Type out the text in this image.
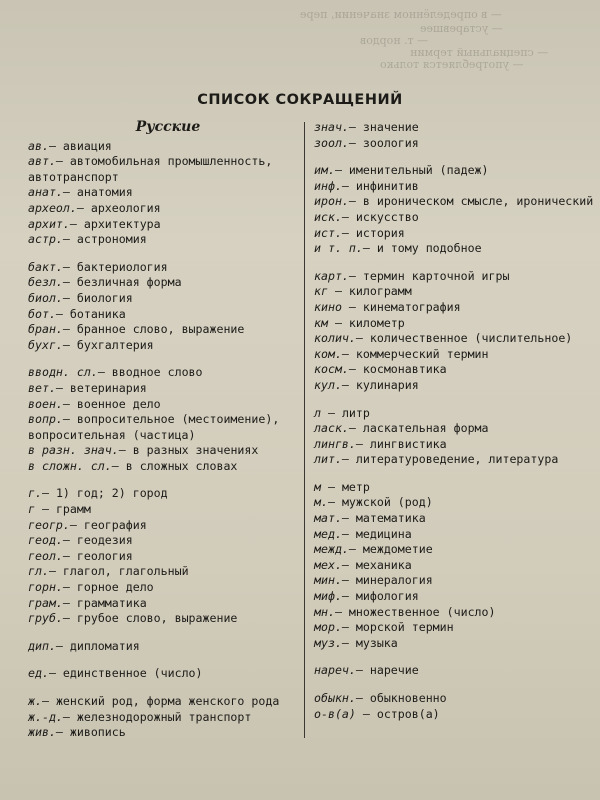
— в определённом значении, пере
— устаревшее
— т. нордов
— специальный термин
— употребляется только
СПИСОК СОКРАЩЕНИЙ
Русские
ав.— авиация
авт.— автомобильная промышленность, автотранспорт
анат.— анатомия
археол.— археология
архит.— архитектура
астр.— астрономия
бакт.— бактериология
безл.— безличная форма
биол.— биология
бот.— ботаника
бран.— бранное слово, выражение
бухг.— бухгалтерия
вводн. сл.— вводное слово
вет.— ветеринария
воен.— военное дело
вопр.— вопросительное (местоимение), вопросительная (частица)
в разн. знач.— в разных значениях
в сложн. сл.— в сложных словах
г.— 1) год; 2) город
г — грамм
геогр.— география
геод.— геодезия
геол.— геология
гл.— глагол, глагольный
горн.— горное дело
грам.— грамматика
груб.— грубое слово, выражение
дип.— дипломатия
ед.— единственное (число)
ж.— женский род, форма женского рода
ж.-д.— железнодорожный транспорт
жив.— живопись
знач.— значение
зоол.— зоология
им.— именительный (падеж)
инф.— инфинитив
ирон.— в ироническом смысле, иронический
иск.— искусство
ист.— история
и т. п.— и тому подобное
карт.— термин карточной игры
кг — килограмм
кино — кинематография
км — километр
колич.— количественное (числительное)
ком.— коммерческий термин
косм.— космонавтика
кул.— кулинария
л — литр
ласк.— ласкательная форма
лингв.— лингвистика
лит.— литературоведение, литература
м — метр
м.— мужской (род)
мат.— математика
мед.— медицина
межд.— междометие
мех.— механика
мин.— минералогия
миф.— мифология
мн.— множественное (число)
мор.— морской термин
муз.— музыка
нареч.— наречие
обыкн.— обыкновенно
о-в(а) — остров(а)
